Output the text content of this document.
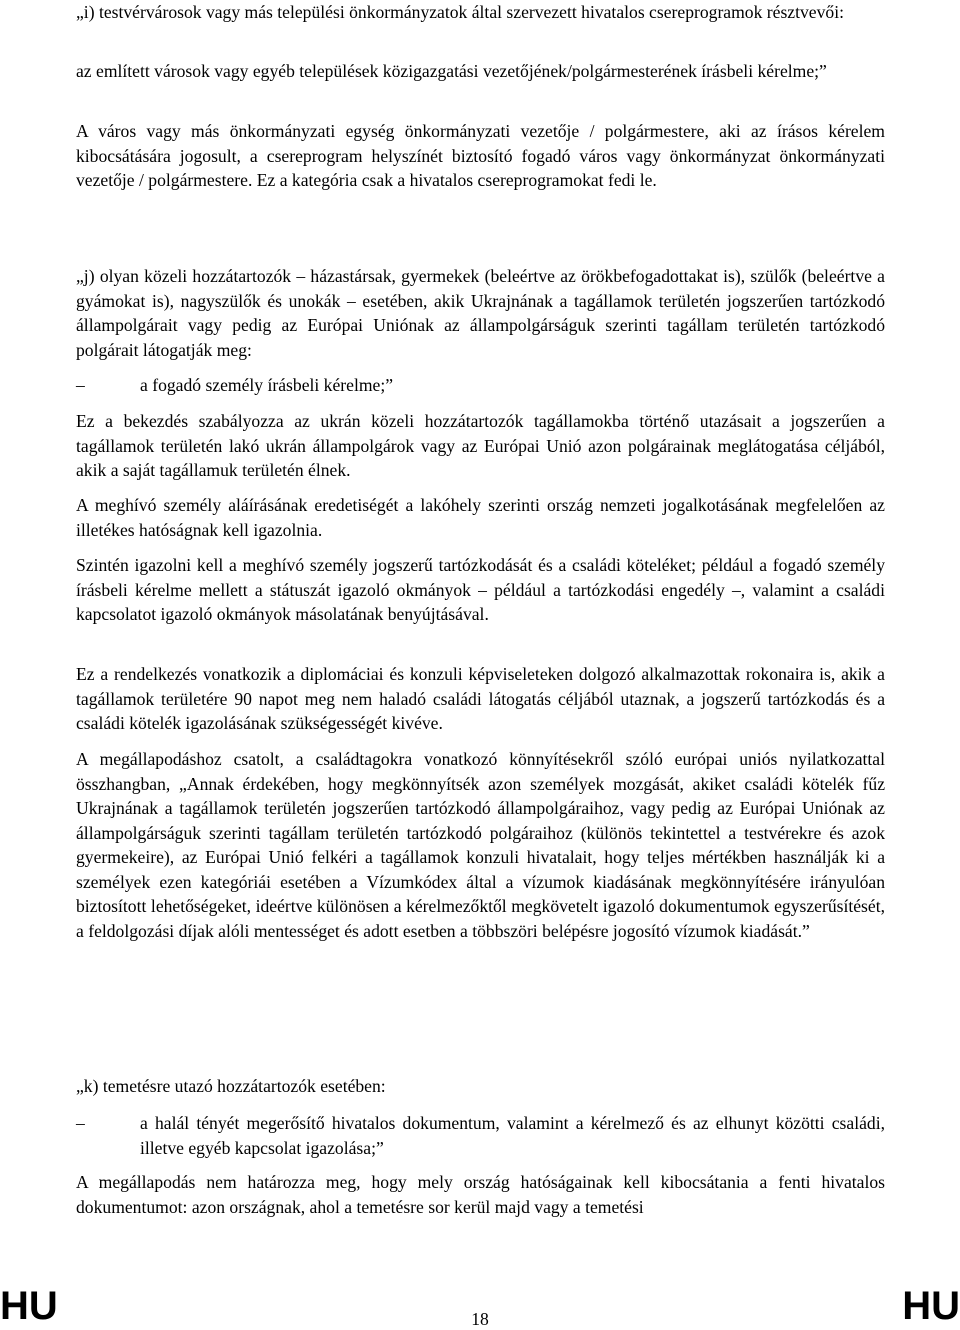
„i) testvérvárosok vagy más települési önkormányzatok által szervezett hivatalos csereprogramok résztvevői:

az említett városok vagy egyéb települések közigazgatási vezetőjének/polgármesterének írásbeli kérelme;”

A város vagy más önkormányzati egység önkormányzati vezetője / polgármestere, aki az írásos kérelem kibocsátására jogosult, a csereprogram helyszínét biztosító fogadó város vagy önkormányzat önkormányzati vezetője / polgármestere. Ez a kategória csak a hivatalos csereprogramokat fedi le.

„j) olyan közeli hozzátartozók – házastársak, gyermekek (beleértve az örökbefogadottakat is), szülők (beleértve a gyámokat is), nagyszülők és unokák – esetében, akik Ukrajnának a tagállamok területén jogszerűen tartózkodó állampolgárait vagy pedig az Európai Uniónak az állampolgárságuk szerinti tagállam területén tartózkodó polgárait látogatják meg:

–	a fogadó személy írásbeli kérelme;”

Ez a bekezdés szabályozza az ukrán közeli hozzátartozók tagállamokba történő utazásait a jogszerűen a tagállamok területén lakó ukrán állampolgárok vagy az Európai Unió azon polgárainak meglátogatása céljából, akik a saját tagállamuk területén élnek.

A meghívó személy aláírásának eredetiségét a lakóhely szerinti ország nemzeti jogalkotásának megfelelően az illetékes hatóságnak kell igazolnia.

Szintén igazolni kell a meghívó személy jogszerű tartózkodását és a családi köteléket; például a fogadó személy írásbeli kérelme mellett a státuszát igazoló okmányok – például a tartózkodási engedély –, valamint a családi kapcsolatot igazoló okmányok másolatának benyújtásával.

Ez a rendelkezés vonatkozik a diplomáciai és konzuli képviseleteken dolgozó alkalmazottak rokonaira is, akik a tagállamok területére 90 napot meg nem haladó családi látogatás céljából utaznak, a jogszerű tartózkodás és a családi kötelék igazolásának szükségességét kivéve.

A megállapodáshoz csatolt, a családtagokra vonatkozó könnyítésekről szóló európai uniós nyilatkozattal összhangban, „Annak érdekében, hogy megkönnyítsék azon személyek mozgását, akiket családi kötelék fűz Ukrajnának a tagállamok területén jogszerűen tartózkodó állampolgáraihoz, vagy pedig az Európai Uniónak az állampolgárságuk szerinti tagállam területén tartózkodó polgáraihoz (különös tekintettel a testvérekre és azok gyermekeire), az Európai Unió felkéri a tagállamok konzuli hivatalait, hogy teljes mértékben használják ki a személyek ezen kategóriái esetében a Vízumkódex által a vízumok kiadásának megkönnyítésére irányulóan biztosított lehetőségeket, ideértve különösen a kérelmezőktől megkövetelt igazoló dokumentumok egyszerűsítését, a feldolgozási díjak alóli mentességet és adott esetben a többszöri belépésre jogosító vízumok kiadását.”

„k) temetésre utazó hozzátartozók esetében:

–	a halál tényét megerősítő hivatalos dokumentum, valamint a kérelmező és az elhunyt közötti családi, illetve egyéb kapcsolat igazolása;”

A megállapodás nem határozza meg, hogy mely ország hatóságainak kell kibocsátania a fenti hivatalos dokumentumot: azon országnak, ahol a temetésre sor kerül majd vagy a temetési

HU	HU
18
